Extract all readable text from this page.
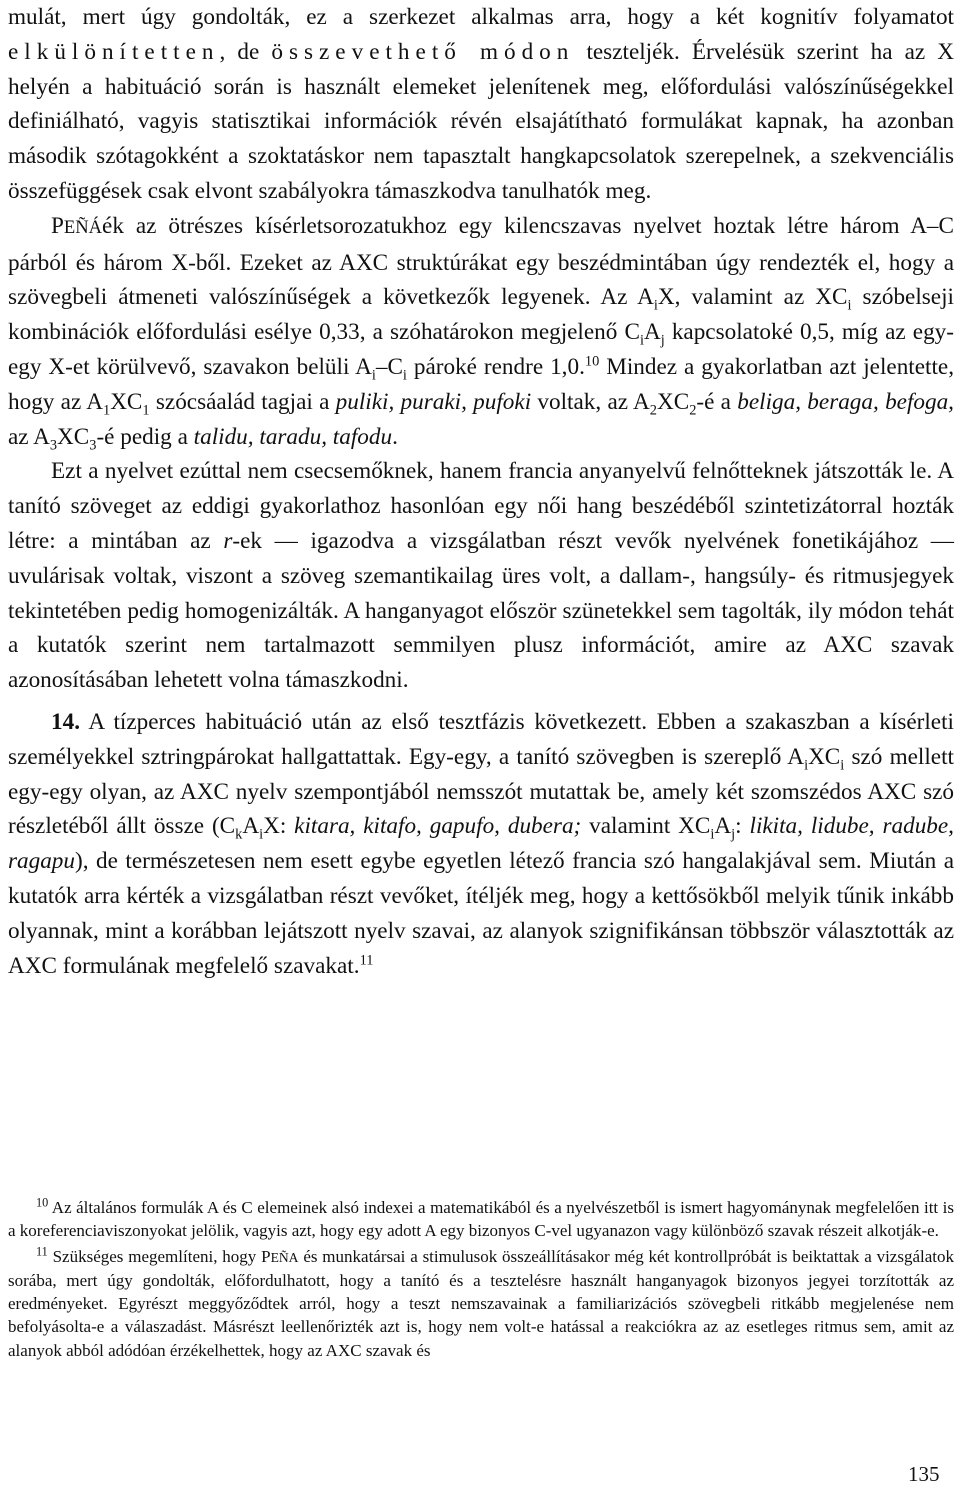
mulát, mert úgy gondolták, ez a szerkezet alkalmas arra, hogy a két kognitív folyamatot elkülönítetten, de összevethető módon teszteljék. Érvelésük szerint ha az X helyén a habituáció során is használt elemeket jelenítenek meg, előfordulási valószínűségekkel definiálható, vagyis statisztikai információk révén elsajátítható formulákat kapnak, ha azonban második szótagokként a szoktatáskor nem tapasztalt hangkapcsolatok szerepelnek, a szekvenciális összefüggések csak elvont szabályokra támaszkodva tanulhatók meg.

PEÑÁék az ötrészes kísérletsorozatukhoz egy kilencszavas nyelvet hoztak létre három A–C párból és három X-ből. Ezeket az AXC struktúrákat egy beszédmintában úgy rendezték el, hogy a szövegbeli átmeneti valószínűségek a következők legyenek. Az $A_iX$, valamint az $XC_i$ szóbelseji kombinációk előfordulási esélye 0,33, a szóhatárokon megjelenő $C_iA_j$ kapcsolatoké 0,5, míg az egy-egy X-et körülvevő, szavakon belüli $A_i-C_i$ pároké rendre 1,0.10 Mindez a gyakorlatban azt jelentette, hogy az $A_1XC_1$ szócsáalád tagjai a puliki, puraki, pufoki voltak, az $A_2XC_2-é$ a beliga, beraga, befoga, az $A_3XC_3-é$ pedig a talidu, taradu, tafodu.

Ezt a nyelvet ezúttal nem csecsemőknek, hanem francia anyanyelvű felnőtteknek játszották le. A tanító szöveget az eddigi gyakorlathoz hasonlóan egy női hang beszédéből szintetizátorral hozták létre: a mintában az r-ek — igazodva a vizsgálatban részt vevők nyelvének fonetikájához — uvulárisak voltak, viszont a szöveg szemantikailag üres volt, a dallam-, hangsúly- és ritmusjegyek tekintetében pedig homogenizálták. A hanganyagot először szünetekkel sem tagolták, ily módon tehát a kutatók szerint nem tartalmazott semmilyen plusz információt, amire az AXC szavak azonosításában lehetett volna támaszkodni.

14. A tízperces habituáció után az első tesztfázis következett. Ebben a szakaszban a kísérleti személyekkel sztringpárokat hallgattattak. Egy-egy, a tanító szövegben is szereplő $A_iXC_i$ szó mellett egy-egy olyan, az AXC nyelv szempontjából nemsszót mutattak be, amely két szomszédos AXC szó részletéből állt össze ($C_kA_iX$: kitara, kitafo, gapufo, dubera; valamint $XC_iA_j$: likita, lidube, radube, ragapu), de természetesen nem esett egybe egyetlen létező francia szó hangalakjával sem. Miután a kutatók arra kérték a vizsgálatban részt vevőket, ítéljék meg, hogy a kettősökből melyik tűnik inkább olyannak, mint a korábban lejátszott nyelv szavai, az alanyok szignifikánsan többször választották az AXC formulának megfelelő szavakat.$^{11}$

$^{10}$ Az általános formulák A és C elemeinek alsó indexei a matematikából és a nyelvészetből is ismert hagyománynak megfelelően itt is a koreferenciaviszonyokat jelölik, vagyis azt, hogy egy adott A egy bizonyos C-vel ugyanazon vagy különböző szavak részeit alkotják-e.

$^{11}$ Szükséges megemlíteni, hogy PEÑA és munkatársai a stimulusok összeállításakor még két kontrollpróbát is beiktattak a vizsgálatok sorába, mert úgy gondolták, előfordulhatott, hogy a tanító és a tesztelésre használt hanganyagok bizonyos jegyei torzították az eredményeket. Egyrészt meggyőződtek arról, hogy a teszt nemszavainak a familiarizációs szövegbeli ritkább megjelenése nem befolyásolta-e a válaszadást. Másrészt leellenőrizték azt is, hogy nem volt-e hatással a reakciókra az az esetleges ritmus sem, amit az alanyok abból adódóan érzékelhettek, hogy az AXC szavak és

135
